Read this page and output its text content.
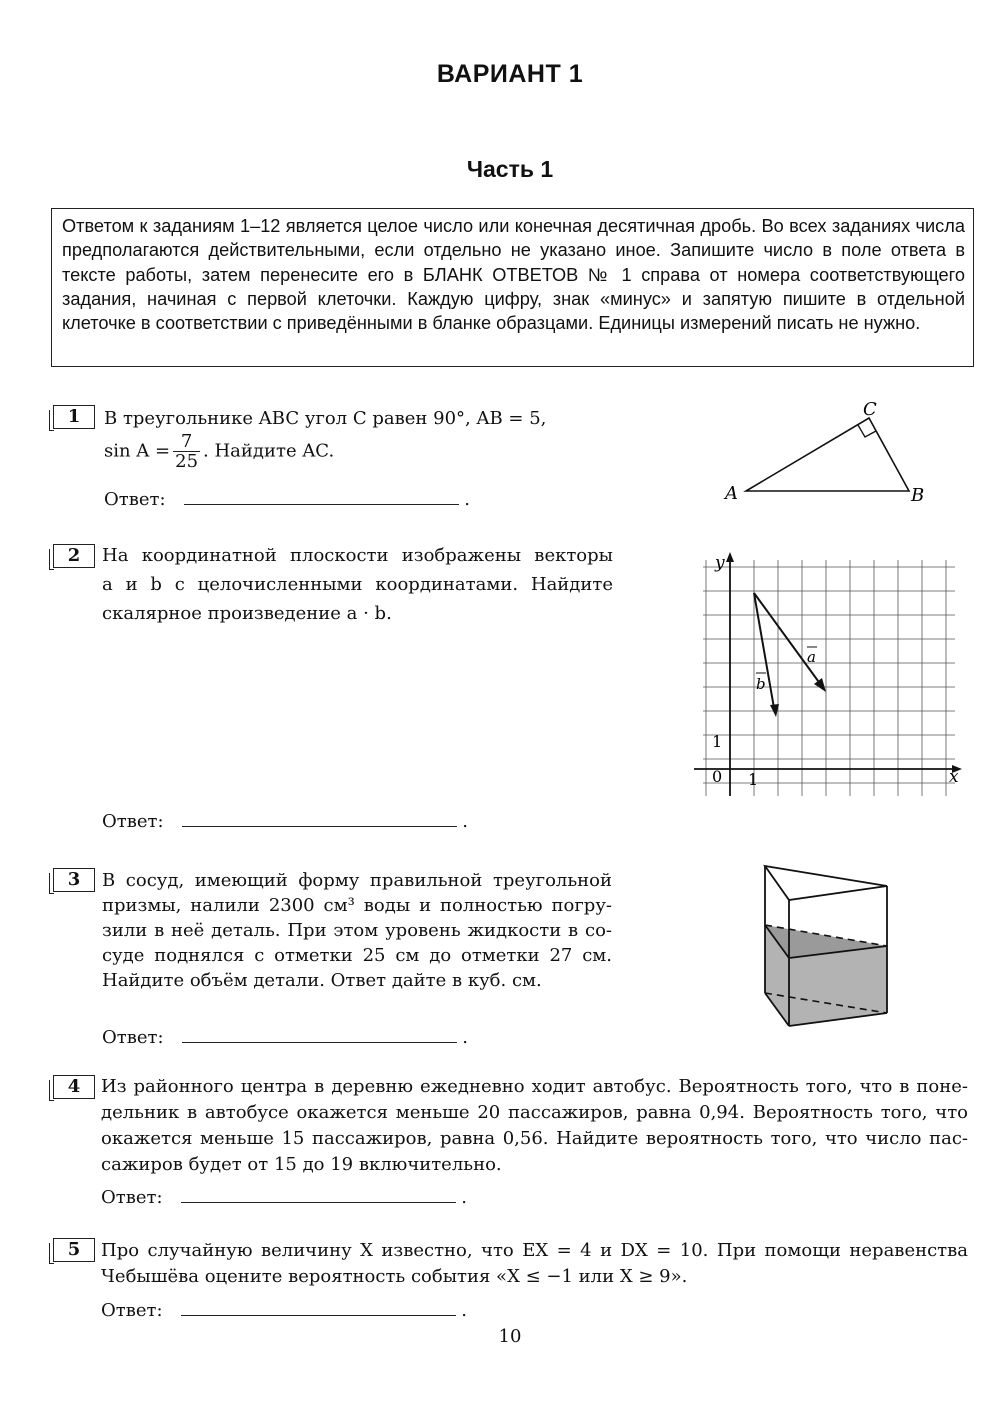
ВАРИАНТ 1
Часть 1
Ответом к заданиям 1–12 является целое число или конечная десятичная дробь. Во всех заданиях числа предполагаются действительными, если отдельно не указано иное. Запишите число в поле ответа в тексте работы, затем перенесите его в БЛАНК ОТВЕТОВ № 1 справа от номера соответствующего задания, начиная с первой клеточки. Каждую цифру, знак «минус» и запятую пишите в отдельной клеточке в соответствии с приведёнными в бланке образцами. Единицы измерений писать не нужно.
1	В треугольнике ABC угол C равен 90°, AB = 5,
$\sin A = \frac{7}{25}$ . Найдите AC.
Ответ:	.	A	B
C
2	На координатной плоскости изображены векторы
a и b с целочисленными координатами. Найдите
скалярное произведение a · b.
Ответ:	.
y
x
0 1
1
a
b
3	В сосуд, имеющий форму правильной треугольной
призмы, налили 2300 см³ воды и полностью погру-
зили в неё деталь. При этом уровень жидкости в со-
суде поднялся с отметки 25 см до отметки 27 см.
Найдите объём детали. Ответ дайте в куб. см.
Ответ:	.
4	Из районного центра в деревню ежедневно ходит автобус. Вероятность того, что в поне-
дельник в автобусе окажется меньше 20 пассажиров, равна 0,94. Вероятность того, что
окажется меньше 15 пассажиров, равна 0,56. Найдите вероятность того, что число пас-
сажиров будет от 15 до 19 включительно.
Ответ:	.
5	Про случайную величину X известно, что EX = 4 и DX = 10. При помощи неравенства
Чебышёва оцените вероятность события «X ≤ −1 или X ≥ 9».
Ответ:	.
10
